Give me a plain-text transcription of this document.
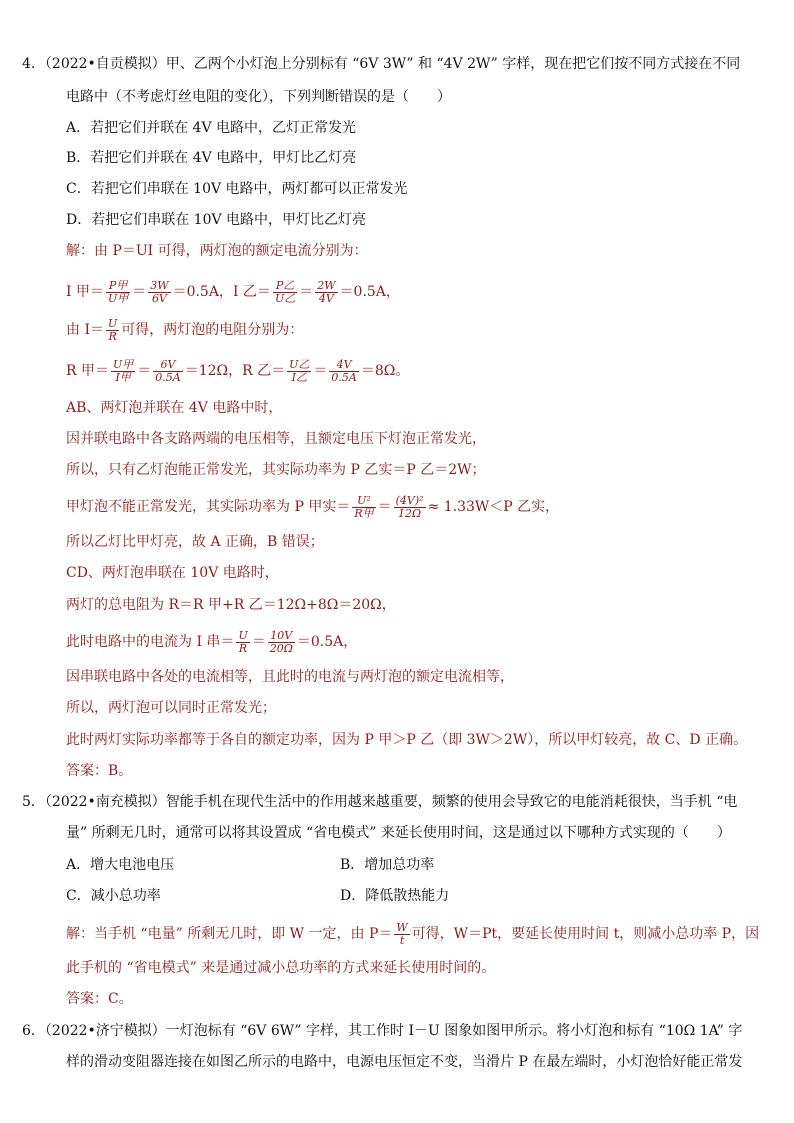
4．（2022•自贡模拟）甲、乙两个小灯泡上分别标有 “6V 3W” 和 “4V 2W” 字样，现在把它们按不同方式接在不同
电路中（不考虑灯丝电阻的变化），下列判断错误的是（　　）
A．若把它们并联在 4V 电路中，乙灯正常发光
B．若把它们并联在 4V 电路中，甲灯比乙灯亮
C．若把它们串联在 10V 电路中，两灯都可以正常发光
D．若把它们串联在 10V 电路中，甲灯比乙灯亮
解：由 P＝UI 可得，两灯泡的额定电流分别为：
I 甲＝ $\frac{\text{P甲}}{\text{U甲}} = \frac{3W}{6V} =0.5A$，I 乙＝ $\frac{\text{P乙}}{\text{U乙}} = \frac{2W}{4V} =0.5A$，
由 $I= \frac{U}{R}$ 可得，两灯泡的电阻分别为：
R 甲＝ $\frac{\text{U甲}}{\text{I甲}} = \frac{6V}{0.5A} =12\Omega$，R 乙＝ $\frac{\text{U乙}}{\text{I乙}} = \frac{4V}{0.5A} =8\Omega$。
AB、两灯泡并联在 4V 电路中时，
因并联电路中各支路两端的电压相等，且额定电压下灯泡正常发光，
所以，只有乙灯泡能正常发光，其实际功率为 P 乙实＝P 乙＝2W；
甲灯泡不能正常发光，其实际功率为 P 甲实＝ $\frac{\text{U²}}{\text{R甲}} = \frac{\text{(4V)²}}{12\Omega} \approx 1.33W<P$ 乙实，
所以乙灯比甲灯亮，故 A 正确，B 错误；
CD、两灯泡串联在 10V 电路时，
两灯的总电阻为 R＝R 甲+R 乙＝12Ω+8Ω＝20Ω，
此时电路中的电流为 I 串＝ $\frac{U}{R} = \frac{10V}{20\Omega} =0.5A$，
因串联电路中各处的电流相等，且此时的电流与两灯泡的额定电流相等，
所以，两灯泡可以同时正常发光；
此时两灯实际功率都等于各自的额定功率，因为 P 甲＞P 乙（即 3W＞2W），所以甲灯较亮，故 C、D 正确。
答案：B。
5．（2022•南充模拟）智能手机在现代生活中的作用越来越重要，频繁的使用会导致它的电能消耗很快，当手机 “电
量” 所剩无几时，通常可以将其设置成 “省电模式” 来延长使用时间，这是通过以下哪种方式实现的（　　）
A．增大电池电压	B．增加总功率
C．减小总功率	D．降低散热能力
解：当手机 “电量” 所剩无几时，即 W 一定，由 $P= \frac{W}{t}$ 可得，W＝Pt，要延长使用时间 t，则减小总功率 P，因
此手机的 “省电模式” 来是通过减小总功率的方式来延长使用时间的。
答案：C。
6．（2022•济宁模拟）一灯泡标有 “6V 6W” 字样，其工作时 I－U 图象如图甲所示。将小灯泡和标有 “10Ω 1A” 字
样的滑动变阻器连接在如图乙所示的电路中，电源电压恒定不变，当滑片 P 在最左端时，小灯泡恰好能正常发
